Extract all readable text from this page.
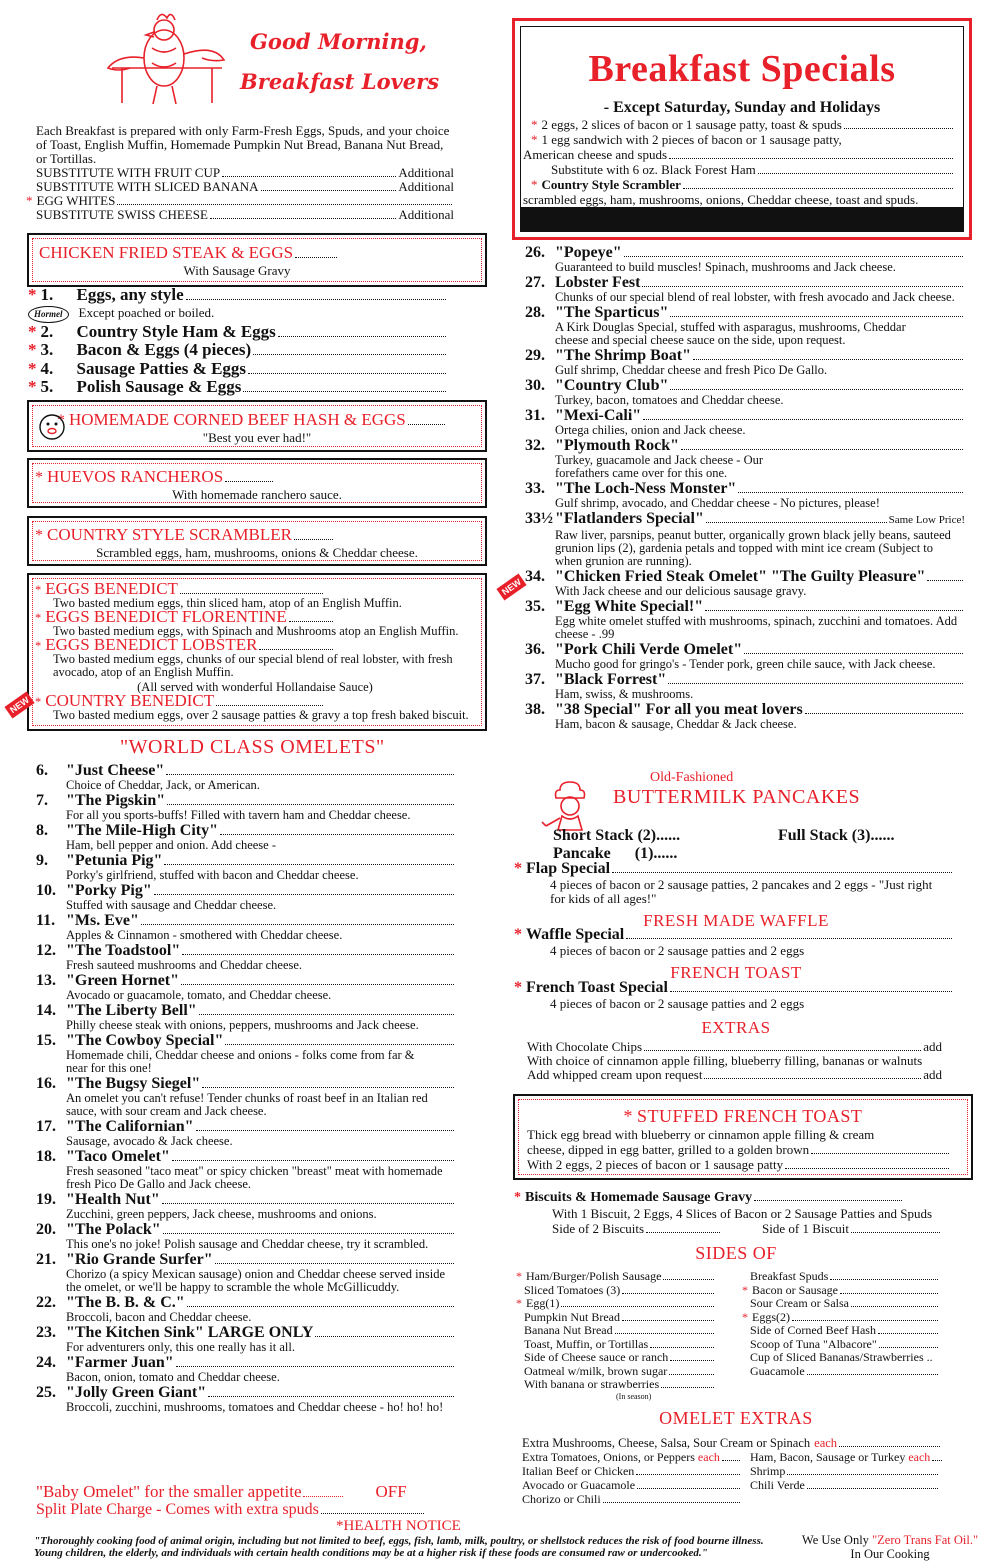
Good Morning,
Breakfast Lovers
Each Breakfast is prepared with only Farm-Fresh Eggs, Spuds, and your choice of Toast, English Muffin, Homemade Pumpkin Nut Bread, Banana Nut Bread, or Tortillas.
SUBSTITUTE WITH FRUIT CUP	Additional
SUBSTITUTE WITH SLICED BANANA	Additional
* EGG WHITES
SUBSTITUTE SWISS CHEESE	Additional
Breakfast Specials
- Except Saturday, Sunday and Holidays
* 2 eggs, 2 slices of bacon or 1 sausage patty, toast & spuds
* 1 egg sandwich with 2 pieces of bacon or 1 sausage patty,
American cheese and spuds
Substitute with 6 oz. Black Forest Ham
* Country Style Scrambler
scrambled eggs, ham, mushrooms, onions, Cheddar cheese, toast and spuds.
CHICKEN FRIED STEAK & EGGS
With Sausage Gravy
* 1.	Eggs, any style
Hormel Except poached or boiled.
* 2.	Country Style Ham & Eggs
* 3.	Bacon & Eggs (4 pieces)
* 4.	Sausage Patties & Eggs
* 5.	Polish Sausage & Eggs
* HOMEMADE CORNED BEEF HASH & EGGS
"Best you ever had!"
* HUEVOS RANCHEROS
With homemade ranchero sauce.
* COUNTRY STYLE SCRAMBLER
Scrambled eggs, ham, mushrooms, onions & Cheddar cheese.
* EGGS BENEDICT
Two basted medium eggs, thin sliced ham, atop of an English Muffin.
* EGGS BENEDICT FLORENTINE
Two basted medium eggs, with Spinach and Mushrooms atop an English Muffin.
* EGGS BENEDICT LOBSTER
Two basted medium eggs, chunks of our special blend of real lobster, with fresh avocado, atop of an English Muffin.
(All served with wonderful Hollandaise Sauce)
* COUNTRY BENEDICT
Two basted medium eggs, over 2 sausage patties & gravy a top fresh baked biscuit.
NEW
"WORLD CLASS OMELETS"
6.	"Just Cheese"
Choice of Cheddar, Jack, or American.
7.	"The Pigskin"
For all you sports-buffs! Filled with tavern ham and Cheddar cheese.
8.	"The Mile-High City"
Ham, bell pepper and onion. Add cheese -
9.	"Petunia Pig"
Porky's girlfriend, stuffed with bacon and Cheddar cheese.
10. "Porky Pig"
Stuffed with sausage and Cheddar cheese.
11. "Ms. Eve"
Apples & Cinnamon - smothered with Cheddar cheese.
12. "The Toadstool"
Fresh sauteed mushrooms and Cheddar cheese.
13. "Green Hornet"
Avocado or guacamole, tomato, and Cheddar cheese.
14. "The Liberty Bell"
Philly cheese steak with onions, peppers, mushrooms and Jack cheese.
15. "The Cowboy Special"
Homemade chili, Cheddar cheese and onions - folks come from far & near for this one!
16. "The Bugsy Siegel"
An omelet you can't refuse! Tender chunks of roast beef in an Italian red sauce, with sour cream and Jack cheese.
17. "The Californian"
Sausage, avocado & Jack cheese.
18. "Taco Omelet"
Fresh seasoned "taco meat" or spicy chicken "breast" meat with homemade fresh Pico De Gallo and Jack cheese.
19. "Health Nut"
Zucchini, green peppers, Jack cheese, mushrooms and onions.
20. "The Polack"
This one's no joke! Polish sausage and Cheddar cheese, try it scrambled.
21. "Rio Grande Surfer"
Chorizo (a spicy Mexican sausage) onion and Cheddar cheese served inside the omelet, or we'll be happy to scramble the whole McGillicuddy.
22. "The B. B. & C."
Broccoli, bacon and Cheddar cheese.
23. "The Kitchen Sink" LARGE ONLY
For adventurers only, this one really has it all.
24. "Farmer Juan"
Bacon, onion, tomato and Cheddar cheese.
25. "Jolly Green Giant"
Broccoli, zucchini, mushrooms, tomatoes and Cheddar cheese - ho! ho! ho!
"Baby Omelet" for the smaller appetite	OFF
Split Plate Charge - Comes with extra spuds
*HEALTH NOTICE
"Thoroughly cooking food of animal origin, including but not limited to beef, eggs, fish, lamb, milk, poultry, or shellstock reduces the risk of food bourne illness. Young children, the elderly, and individuals with certain health conditions may be at a higher risk if these foods are consumed raw or undercooked."
We Use Only "Zero Trans Fat Oil."
In Our Cooking
26. "Popeye"
Guaranteed to build muscles! Spinach, mushrooms and Jack cheese.
27. Lobster Fest
Chunks of our special blend of real lobster, with fresh avocado and Jack cheese.
28. "The Sparticus"
A Kirk Douglas Special, stuffed with asparagus, mushrooms, Cheddar cheese and special cheese sauce on the side, upon request.
29. "The Shrimp Boat"
Gulf shrimp, Cheddar cheese and fresh Pico De Gallo.
30. "Country Club"
Turkey, bacon, tomatoes and Cheddar cheese.
31. "Mexi-Cali"
Ortega chilies, onion and Jack cheese.
32. "Plymouth Rock"
Turkey, guacamole and Jack cheese - Our forefathers came over for this one.
33. "The Loch-Ness Monster"
Gulf shrimp, avocado, and Cheddar cheese - No pictures, please!
33½ "Flatlanders Special"	Same Low Price!
Raw liver, parsnips, peanut butter, organically grown black jelly beans, sauteed grunion lips (2), gardenia petals and topped with mint ice cream (Subject to when grunion are running).
34. "Chicken Fried Steak Omelet" "The Guilty Pleasure"
With Jack cheese and our delicious sausage gravy.
35. "Egg White Special!"
Egg white omelet stuffed with mushrooms, spinach, zucchini and tomatoes. Add cheese - .99
36. "Pork Chili Verde Omelet"
Mucho good for gringo's - Tender pork, green chile sauce, with Jack cheese.
37. "Black Forrest"
Ham, swiss, & mushrooms.
38. "38 Special" For all you meat lovers
Ham, bacon & sausage, Cheddar & Jack cheese.
NEW
Old-Fashioned
BUTTERMILK PANCAKES
Short Stack (2)......	Full Stack (3)......
Pancake      (1)......
* Flap Special
4 pieces of bacon or 2 sausage patties, 2 pancakes and 2 eggs - "Just right for kids of all ages!"
FRESH MADE WAFFLE
* Waffle Special
4 pieces of bacon or 2 sausage patties and 2 eggs
FRENCH TOAST
* French Toast Special
4 pieces of bacon or 2 sausage patties and 2 eggs
EXTRAS
With Chocolate Chips	add
With choice of cinnamon apple filling, blueberry filling, bananas or walnuts
Add whipped cream upon request	add
* STUFFED FRENCH TOAST
Thick egg bread with blueberry or cinnamon apple filling & cream
cheese, dipped in egg batter, grilled to a golden brown
With 2 eggs, 2 pieces of bacon or 1 sausage patty
* Biscuits & Homemade Sausage Gravy
With 1 Biscuit, 2 Eggs, 4 Slices of Bacon or 2 Sausage Patties and Spuds
Side of 2 Biscuits	Side of 1 Biscuit
SIDES OF
* Ham/Burger/Polish Sausage
Sliced Tomatoes (3)
* Egg(1)
Pumpkin Nut Bread
Banana Nut Bread
Toast, Muffin, or Tortillas
Side of Cheese sauce or ranch
Oatmeal w/milk, brown sugar
With banana or strawberries
(In season)
Breakfast Spuds
* Bacon or Sausage
Sour Cream or Salsa
* Eggs(2)
Side of Corned Beef Hash
Scoop of Tuna "Albacore"
Cup of Sliced Bananas/Strawberries ..
Guacamole
OMELET EXTRAS
Extra Mushrooms, Cheese, Salsa, Sour Cream or Spinach each
Extra Tomatoes, Onions, or Peppers each
Italian Beef or Chicken
Avocado or Guacamole
Chorizo or Chili
Ham, Bacon, Sausage or Turkey each
Shrimp
Chili Verde
